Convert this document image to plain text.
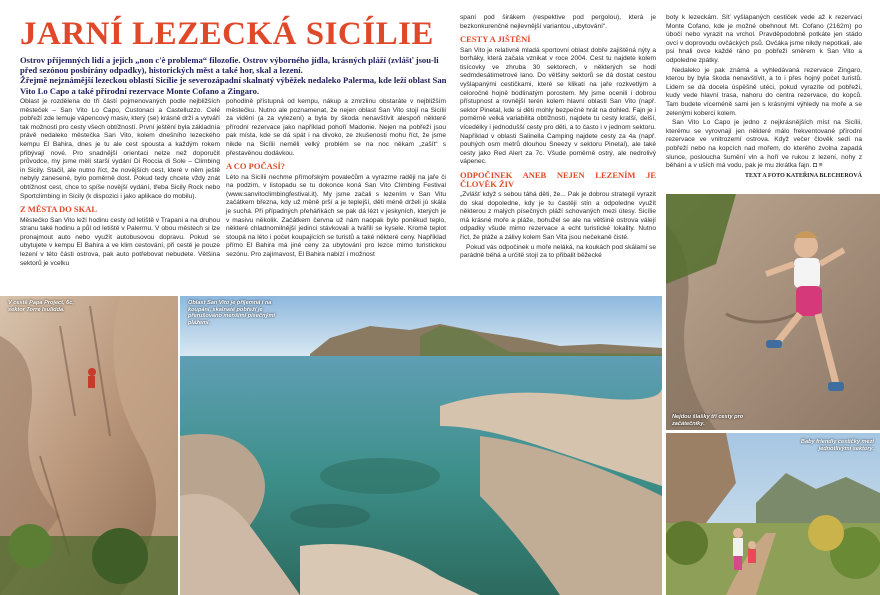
JARNÍ LEZECKÁ SICÍLIE

Ostrov příjemných lidí a jejich „non c'è problema“ filozofie. Ostrov výborného jídla, krásných pláží (zvlášť jsou-li před sezónou posbírány odpadky), historických měst a také hor, skal a lezení.

Žřejmě nejznámější lezeckou oblastí Sicílie je severozápadní skalnatý výběžek nedaleko Palerma, kde leží oblast San Vito Lo Capo a také přírodní rezervace Monte Cofano a Zingaro.

Oblast je rozdělena do tří částí pojmenovaných podle nejbližších městeček – San Vito Lo Capo, Custonaci a Castelluzzo. Celé pobřeží zde lemuje vápencový masiv, který (se) krásně drží a vytváří tak možnosti pro cesty všech obtížností. První ještění byla základnía právě nedaleko městečka San Vito, kolem dnešního lezeckého kempu El Bahira, dnes je tu ale cest spousta a každým rokem přibývají nové. Pro snadnější orientaci nelze než doporučit průvodce, my jsme měli starší vydání Di Roccia di Sole – Climbing in Sicily. Stačil, ale nutno říct, že novějších cest, které v něm ještě nebyly zanesené, bylo poměrně dost. Pokud tedy chcete vždy znát obtížnost cest, chce to spíše novější vydání, třeba Sicily Rock nebo Sportclimbing in Sicily (k dispozici i jako aplikace do mobilu).

Z MĚSTA DO SKAL

Městečko San Vito leží hodinu cesty od letiště v Trapani a na druhou stranu také hodinu a půl od letiště v Palermu. V obou městech si lze pronajmout auto nebo využít autobusovou dopravu. Pokud se ubytujete v kempu El Bahira a ve klim cestování, při cestě je pouze lezení v této části ostrova, pak auto potřebovat nebudete. Většina sektorů je vcelku

pohodlně přístupná od kempu, nákup a zmrzlinu obstaráte v nejbližším městečku. Nutno ale poznamenat, že nejen oblast San Vito stojí na Sicílii za vidění (a za vylezení) a byla by škoda nenavštívit alespoň některé přírodní rezervace jako například pohoří Madonie. Nejen na pobřeží jsou pak místa, kde se dá spát i na divoko, ze zkušenosti mohu říct, že jsme nikde na Sicílii neměli velký problém se na noc někam „zašít“ s přestavěnou dodávkou.

A CO POČASÍ?

Léto na Sicílii nechme přímořským povalečům a vyrazme raději na jaře či na podzim, v listopadu se tu dokonce koná San Vito Climbing Festival (www.sanvitoclimbingfestival.it). My jsme začali s lezením v San Vitu začátkem března, kdy už měně prší a je teplejší, děti méně drželi jú skála je suchá. Při případných přeháňkách se pak dá lézt v jeskyních, kterých je v masivu několik. Začátkem června už nám naopak bylo poněkud teplo, některé chladnomilnější jedinci stávkovali a tvářili se kysele. Kromě teplot stoupá na léto i počet koupajících se turistů a také některé ceny. Například přímo El Bahira má jiné ceny za ubytování pro lezce mimo turistickou sezónu. Pro zajímavost, El Bahira nabízí i možnost

spaní pod širákem (respektive pod pergolou), která je bezkonkurenčně nejlevnější variantou „ubytování“.

CESTY A JIŠTĚNÍ

San Vito je relativně mladá sportovní oblast dobře zajištěná nýty a borháky, která začala vznikat v roce 2004. Cest tu najdete kolem tisícovky ve zhruba 30 sektorech, v některých se hodí sedmdesátimetrové lano. Do většiny sektorů se dá dostat cestou vyšlapanými cestičkami, které se klikatí na jaře rozkvetlým a celoročně hojně bodlinatým porostem. My jsme ocenili i dobrou přístupnost a rovnější terén kolem hlavní oblasti San Vito (např. sektor Pinetal, kde si děti mohly bezpečně hrát na dohled. Fajn je i poměrně velká variabilita obtížností, najdete tu cesty kratší, delší, vícedélky i jednodušší cesty pro děti, a to často i v jednom sektoru. Například v oblasti Salinella Camping najdete cesty za 4a (např. pouhých osm metrů dlouhou Sneezy v sektoru Pinetal), ale také cesty jako Red Alert za 7c. Všude poměrně ostrý, ale nedrolivý vápenec.

ODPOČINEK ANEB NEJEN LEZENÍM JE ČLOVĚK ŽIV

„Zvlášť když s sebou táhá děti, že... Pak je dobrou strategií vyrazit do skal dopoledne, kdy je tu častěji stín a odpoledne využít některou z malých písečných pláží schovaných mezi útesy. Sicílie má krásné moře a pláže, bohužel se ale na většině ostrova válejí odpadky všude mimo rezervace a echt turistické lokality. Nutno říct, že pláže a zálivy kolem San Vita jsou nečekaně čisté.

Pokud vás odpočinek u moře neláká, na koukách pod skálami se parádně běhá a určitě stojí za to přibalit běžecké

boty k lezeckám. Síť vyšlapaných cestiček vede až k rezervaci Monte Cofano, kde je možné obehnout Mt. Cofano (2162m) po úbočí nebo vyrazit na vrchol. Pravděpodobně potkáte jen stádo ovcí v doprovodu ovčáckých psů. Ovčáka jsme nikdy nepotkali, ale psi hnali ovce každé ráno po pobřeží směrem k San Vito a odpoledne zpátky.

Nedaleko je pak známá a vyhledávaná rezervace Zingaro, kterou by byla škoda nenavštívit, a to i přes hojný počet turistů. Lidem se dá docela úspěšně utéci, pokud vyrazíte od pobřeží, kudy vede hlavní trasa, nahoru do centra rezervace, do kopců. Tam budete víceméně sami jen s krásnými výhledy na moře a se zelenými kobercí kolem.

San Vito Lo Capo je jedno z nejkrásnějších míst na Sicílii, kterému se vyrovnají jen některé málo frekventované přírodní rezervace ve vnitrozemí ostrova. Když večer člověk sedí na pobřeží nebo na kopcích nad mořem, do kterého zvolna zapadá slunce, posloucha šumění vln a hoří ve rukou z lezení, nohy z běhání a v uších má vodu, pak je mu zkrátka fajn. ◘ ≡

TEXT A FOTO KATEŘINA BLECHEROVÁ
V cestě Papa Project, 6c, sektor Torre Isulidda.
Oblast San Vito je příjemná i na koupání, skalnaté pobřeží je přerušováno menšími písečnými plážemi.
Nejdou šlašky tří cesty pro začátečníky.
Baby friendly cestičky mezi jednotlivými sektory.
